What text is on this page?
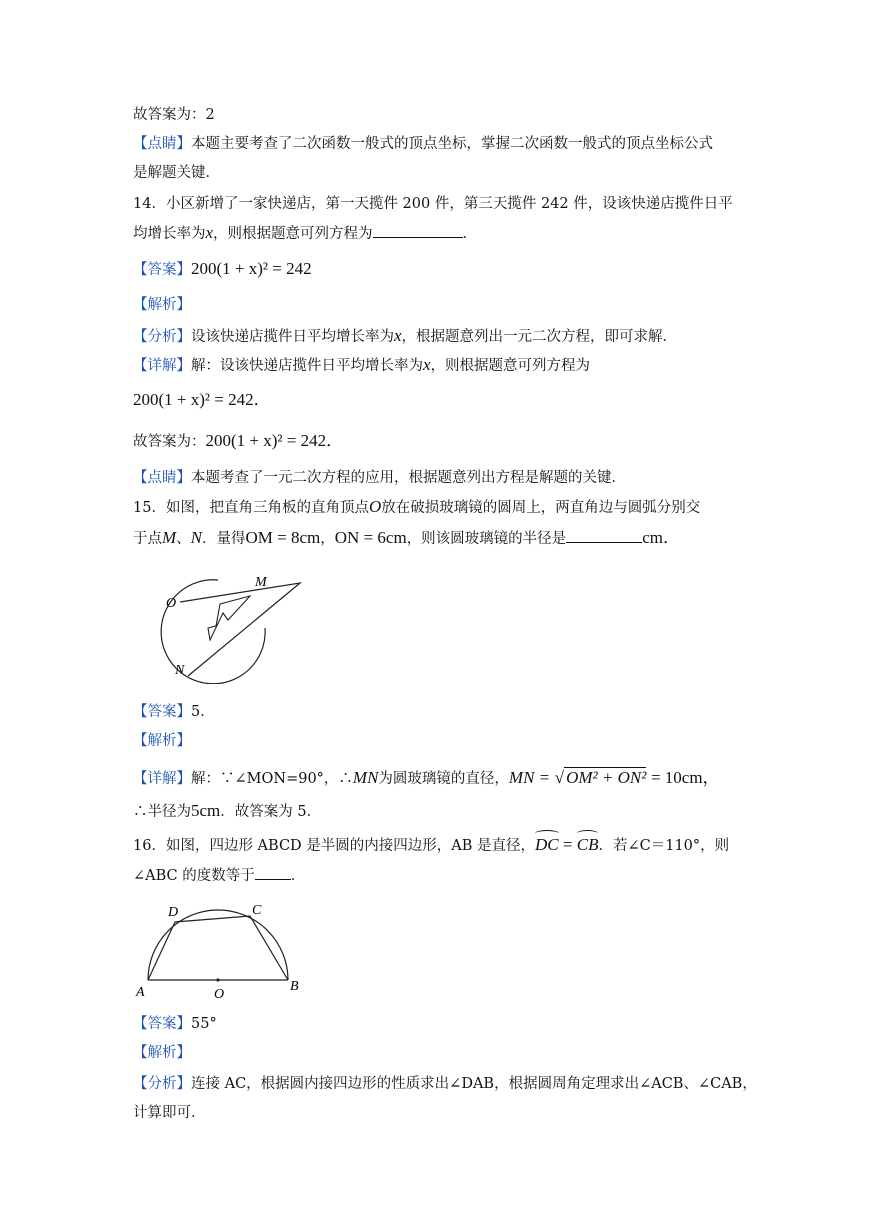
故答案为：2
【点睛】本题主要考查了二次函数一般式的顶点坐标，掌握二次函数一般式的顶点坐标公式
是解题关键．
14．小区新增了一家快递店，第一天揽件 200 件，第三天揽件 242 件，设该快递店揽件日平
均增长率为x，则根据题意可列方程为	．
【答案】200(1 + x)² = 242
【解析】
【分析】设该快递店揽件日平均增长率为x，根据题意列出一元二次方程，即可求解．
【详解】解：设该快递店揽件日平均增长率为x，则根据题意可列方程为
200(1 + x)² = 242．
故答案为：200(1 + x)² = 242．
【点睛】本题考查了一元二次方程的应用，根据题意列出方程是解题的关键．
15．如图，把直角三角板的直角顶点O放在破损玻璃镜的圆周上，两直角边与圆弧分别交
于点M、N．量得OM = 8cm，ON = 6cm，则该圆玻璃镜的半径是	cm．
O
M
N
【答案】5．
【解析】
【详解】解：∵∠MON=90°，∴MN为圆玻璃镜的直径，MN = √ OM² + ON² = 10cm，
∴半径为5cm．故答案为 5．
16．如图，四边形 ABCD 是半圆的内接四边形，AB 是直径，DC = CB．若∠C＝110°，则
∠ABC 的度数等于 ．
A	B
C
D
O
【答案】55°
【解析】
【分析】连接 AC，根据圆内接四边形的性质求出∠DAB，根据圆周角定理求出∠ACB、∠CAB，
计算即可．
